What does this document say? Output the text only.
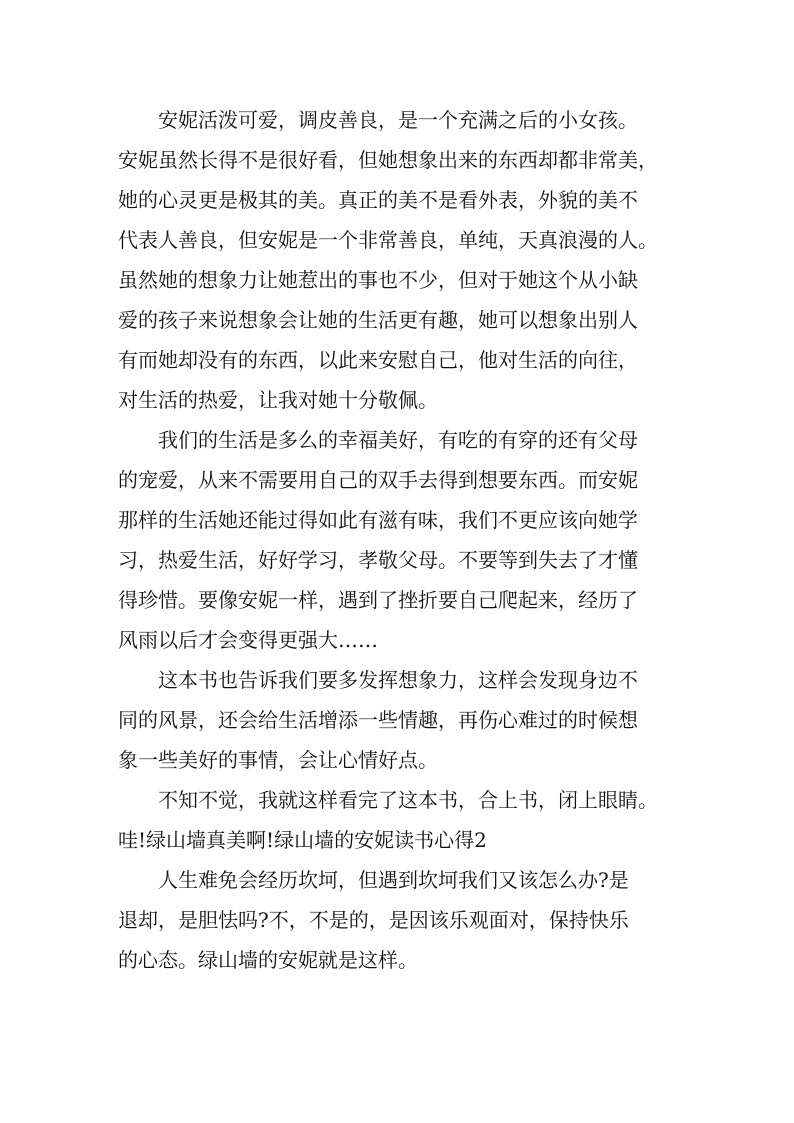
　　安妮活泼可爱，调皮善良，是一个充满之后的小女孩。
安妮虽然长得不是很好看，但她想象出来的东西却都非常美，
她的心灵更是极其的美。真正的美不是看外表，外貌的美不
代表人善良，但安妮是一个非常善良，单纯，天真浪漫的人。
虽然她的想象力让她惹出的事也不少，但对于她这个从小缺
爱的孩子来说想象会让她的生活更有趣，她可以想象出别人
有而她却没有的东西，以此来安慰自己，他对生活的向往，
对生活的热爱，让我对她十分敬佩。
　　我们的生活是多么的幸福美好，有吃的有穿的还有父母
的宠爱，从来不需要用自己的双手去得到想要东西。而安妮
那样的生活她还能过得如此有滋有味，我们不更应该向她学
习，热爱生活，好好学习，孝敬父母。不要等到失去了才懂
得珍惜。要像安妮一样，遇到了挫折要自己爬起来，经历了
风雨以后才会变得更强大……
　　这本书也告诉我们要多发挥想象力，这样会发现身边不
同的风景，还会给生活增添一些情趣，再伤心难过的时候想
象一些美好的事情，会让心情好点。
　　不知不觉，我就这样看完了这本书，合上书，闭上眼睛。
哇!绿山墙真美啊!绿山墙的安妮读书心得2
　　人生难免会经历坎坷，但遇到坎坷我们又该怎么办?是
退却，是胆怯吗?不，不是的，是因该乐观面对，保持快乐
的心态。绿山墙的安妮就是这样。
